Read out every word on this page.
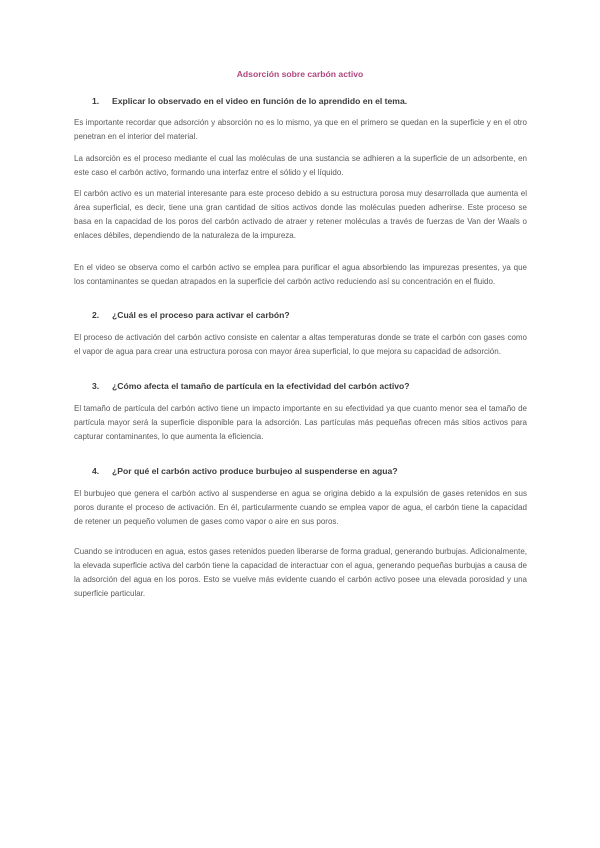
Adsorción sobre carbón activo
1. Explicar lo observado en el video en función de lo aprendido en el tema.
Es importante recordar que adsorción y absorción no es lo mismo, ya que en el primero se quedan en la superficie y en el otro penetran en el interior del material.
La adsorción es el proceso mediante el cual las moléculas de una sustancia se adhieren a la superficie de un adsorbente, en este caso el carbón activo, formando una interfaz entre el sólido y el líquido.
El carbón activo es un material interesante para este proceso debido a su estructura porosa muy desarrollada que aumenta el área superficial, es decir, tiene una gran cantidad de sitios activos donde las moléculas pueden adherirse. Este proceso se basa en la capacidad de los poros del carbón activado de atraer y retener moléculas a través de fuerzas de Van der Waals o enlaces débiles, dependiendo de la naturaleza de la impureza.
En el video se observa como el carbón activo se emplea para purificar el agua absorbiendo las impurezas presentes, ya que los contaminantes se quedan atrapados en la superficie del carbón activo reduciendo así su concentración en el fluido.
2. ¿Cuál es el proceso para activar el carbón?
El proceso de activación del carbón activo consiste en calentar a altas temperaturas donde se trate el carbón con gases como el vapor de agua para crear una estructura porosa con mayor área superficial, lo que mejora su capacidad de adsorción.
3. ¿Cómo afecta el tamaño de partícula en la efectividad del carbón activo?
El tamaño de partícula del carbón activo tiene un impacto importante en su efectividad ya que cuanto menor sea el tamaño de partícula mayor será la superficie disponible para la adsorción. Las partículas más pequeñas ofrecen más sitios activos para capturar contaminantes, lo que aumenta la eficiencia.
4. ¿Por qué el carbón activo produce burbujeo al suspenderse en agua?
El burbujeo que genera el carbón activo al suspenderse en agua se origina debido a la expulsión de gases retenidos en sus poros durante el proceso de activación. En él, particularmente cuando se emplea vapor de agua, el carbón tiene la capacidad de retener un pequeño volumen de gases como vapor o aire en sus poros.
Cuando se introducen en agua, estos gases retenidos pueden liberarse de forma gradual, generando burbujas. Adicionalmente, la elevada superficie activa del carbón tiene la capacidad de interactuar con el agua, generando pequeñas burbujas a causa de la adsorción del agua en los poros. Esto se vuelve más evidente cuando el carbón activo posee una elevada porosidad y una superficie particular.
